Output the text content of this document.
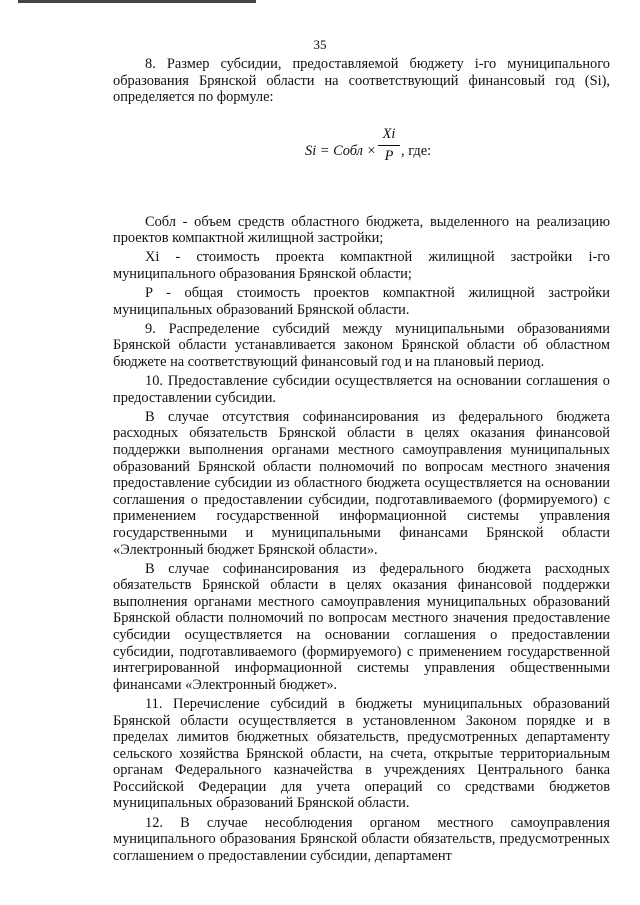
35

8. Размер субсидии, предоставляемой бюджету i-го муниципального образования Брянской области на соответствующий финансовый год (Si), определяется по формуле:

Si = Собл ×
Xi
P , где:

Собл - объем средств областного бюджета, выделенного на реализацию проектов компактной жилищной застройки;

Xi - стоимость проекта компактной жилищной застройки i-го муниципального образования Брянской области;

P - общая стоимость проектов компактной жилищной застройки муниципальных образований Брянской области.

9. Распределение субсидий между муниципальными образованиями Брянской области устанавливается законом Брянской области об областном бюджете на соответствующий финансовый год и на плановый период.

10. Предоставление субсидии осуществляется на основании соглашения о предоставлении субсидии.

В случае отсутствия софинансирования из федерального бюджета расходных обязательств Брянской области в целях оказания финансовой поддержки выполнения органами местного самоуправления муниципальных образований Брянской области полномочий по вопросам местного значения предоставление субсидии из областного бюджета осуществляется на основании соглашения о предоставлении субсидии, подготавливаемого (формируемого) с применением государственной информационной системы управления государственными и муниципальными финансами Брянской области «Электронный бюджет Брянской области».

В случае софинансирования из федерального бюджета расходных обязательств Брянской области в целях оказания финансовой поддержки выполнения органами местного самоуправления муниципальных образований Брянской области полномочий по вопросам местного значения предоставление субсидии осуществляется на основании соглашения о предоставлении субсидии, подготавливаемого (формируемого) с применением государственной интегрированной информационной системы управления общественными финансами «Электронный бюджет».

11. Перечисление субсидий в бюджеты муниципальных образований Брянской области осуществляется в установленном Законом порядке и в пределах лимитов бюджетных обязательств, предусмотренных департаменту сельского хозяйства Брянской области, на счета, открытые территориальным органам Федерального казначейства в учреждениях Центрального банка Российской Федерации для учета операций со средствами бюджетов муниципальных образований Брянской области.

12. В случае несоблюдения органом местного самоуправления муниципального образования Брянской области обязательств, предусмотренных соглашением о предоставлении субсидии, департамент
